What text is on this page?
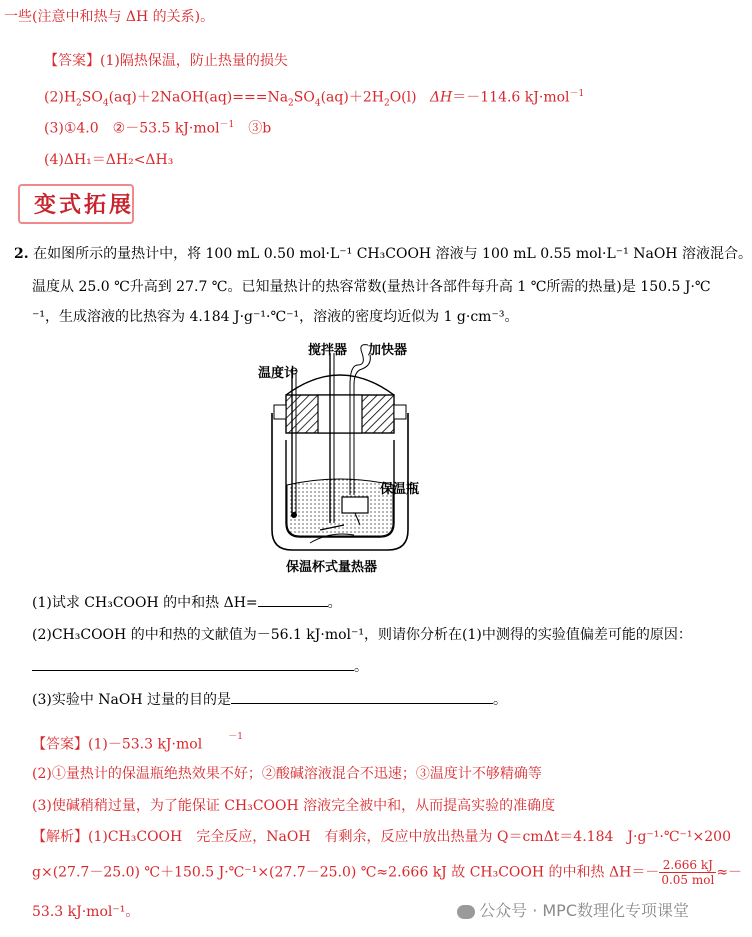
一些(注意中和热与 ΔH 的关系)。
【答案】(1)隔热保温，防止热量的损失
$(2)H_2SO_4(aq)+2NaOH(aq)===Na_2SO_4(aq)+2H_2O(l)$ ΔH＝－114.6 kJ·mol$^{-1}$
(3)①4.0　②－53.5 kJ·mol$^{-1}$　③b
(4)ΔH₁＝ΔH₂<ΔH₃
变式拓展
2. 在如图所示的量热计中，将 100 mL 0.50 mol·L⁻¹ CH₃COOH 溶液与 100 mL 0.55 mol·L⁻¹ NaOH 溶液混合。
温度从 25.0 ℃升高到 27.7 ℃。已知量热计的热容常数(量热计各部件每升高 1 ℃所需的热量)是 150.5 J·℃
⁻¹，生成溶液的比热容为 4.184 J·g⁻¹·℃⁻¹，溶液的密度均近似为 1 g·cm⁻³。
搅拌器 加快器
温度计
保温瓶
保温杯式量热器
(1)试求 CH₃COOH 的中和热 ΔH=	。
(2)CH₃COOH 的中和热的文献值为－56.1 kJ·mol⁻¹，则请你分析在(1)中测得的实验值偏差可能的原因：
。
(3)实验中 NaOH 过量的目的是	。
【答案】(1)－53.3 kJ·mol	$^{-1}$
(2)①量热计的保温瓶绝热效果不好；②酸碱溶液混合不迅速；③温度计不够精确等
(3)使碱稍稍过量，为了能保证 CH₃COOH 溶液完全被中和，从而提高实验的准确度
【解析】(1)CH₃COOH　完全反应，NaOH　有剩余，反应中放出热量为 Q＝cmΔt＝4.184　J·g⁻¹·℃⁻¹×200
g×(27.7－25.0) ℃＋150.5 J·℃⁻¹×(27.7－25.0) ℃≈2.666 kJ 故 CH₃COOH 的中和热 $\Delta H=- \frac{2.666 kJ}{\text{0.05 mol}}$ ≈－
53.3 kJ·mol⁻¹。	公众号 · MPC数理化专项课堂
